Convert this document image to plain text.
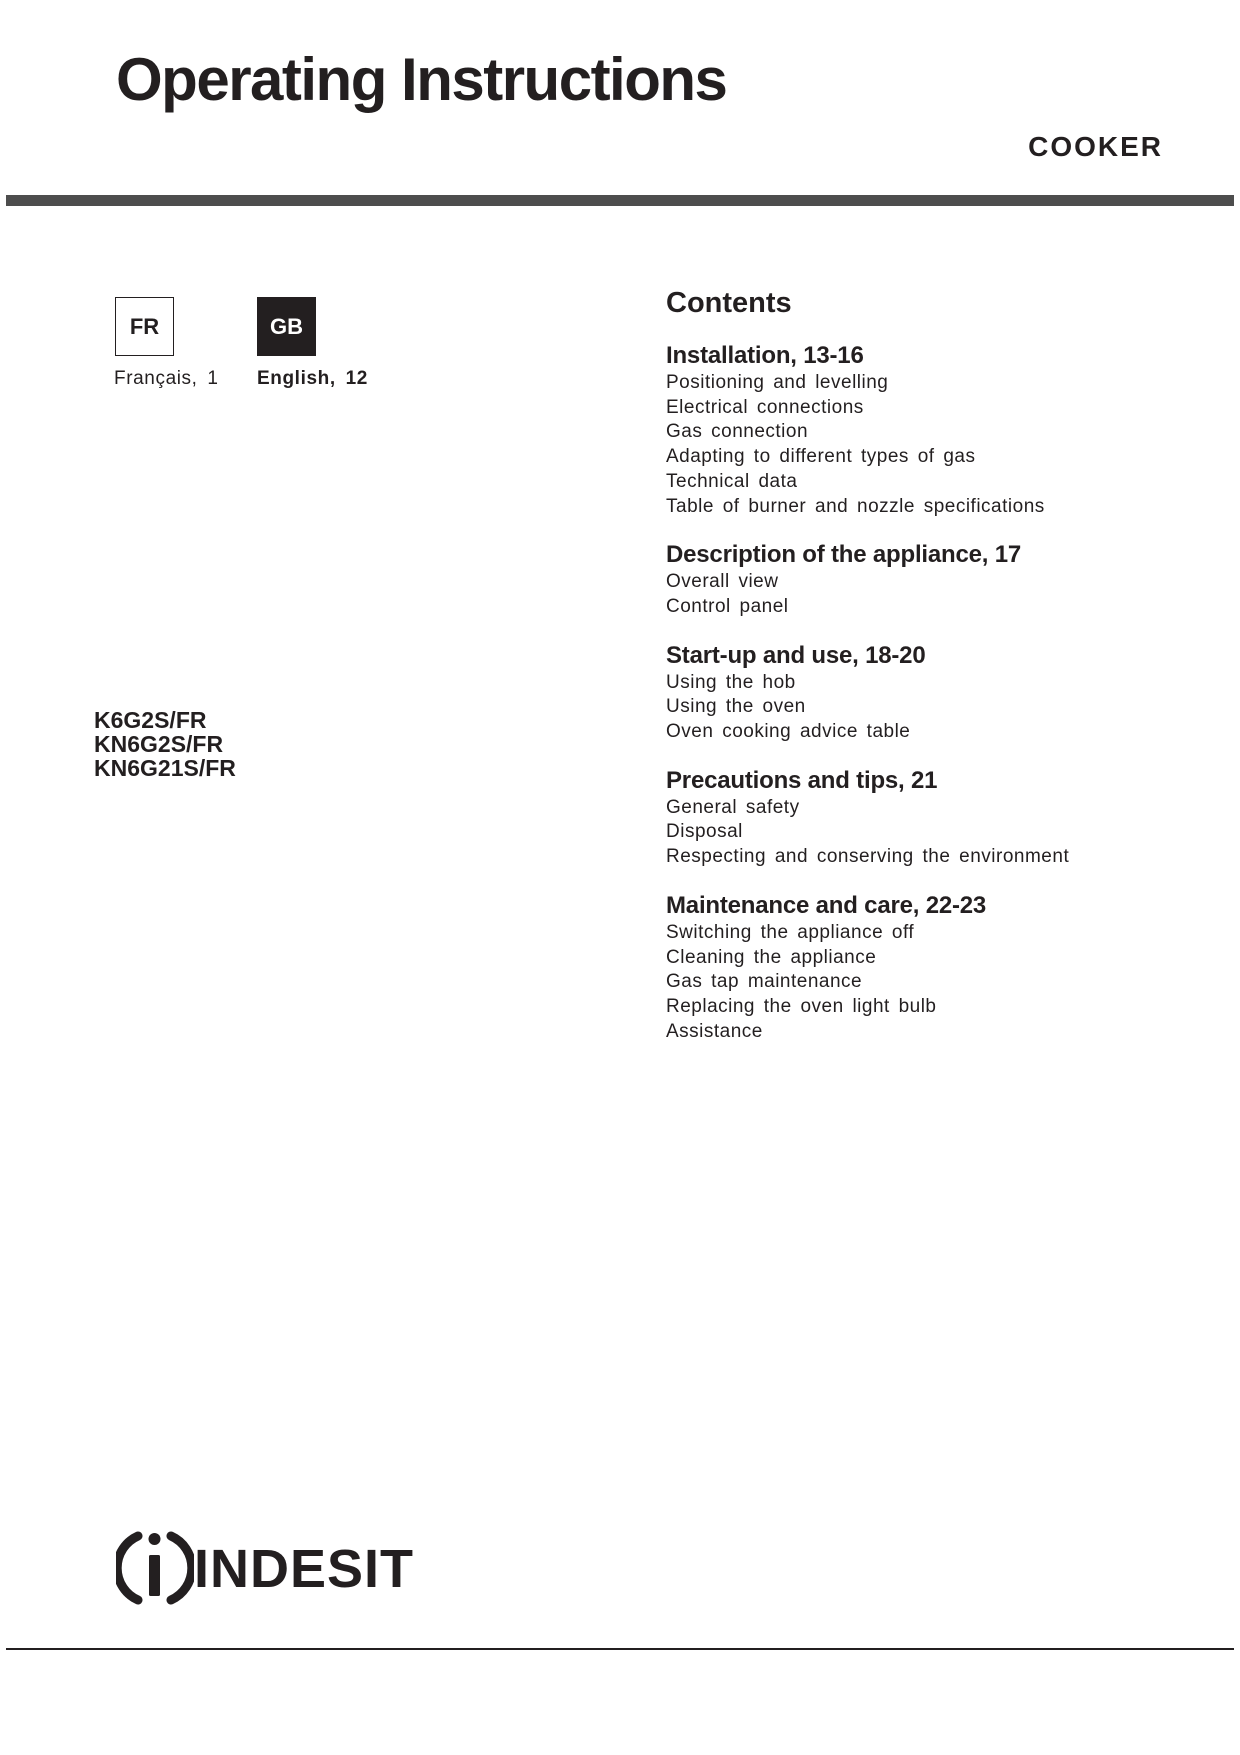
Operating Instructions
COOKER
FR	GB
Français, 1 English, 12
K6G2S/FR
KN6G2S/FR
KN6G21S/FR
Contents
Installation, 13-16
Positioning and levelling
Electrical connections
Gas connection
Adapting to different types of gas
Technical data
Table of burner and nozzle specifications
Description of the appliance, 17
Overall view
Control panel
Start-up and use, 18-20
Using the hob
Using the oven
Oven cooking advice table
Precautions and tips, 21
General safety
Disposal
Respecting and conserving the environment
Maintenance and care, 22-23
Switching the appliance off
Cleaning the appliance
Gas tap maintenance
Replacing the oven light bulb
Assistance
INDESIT
